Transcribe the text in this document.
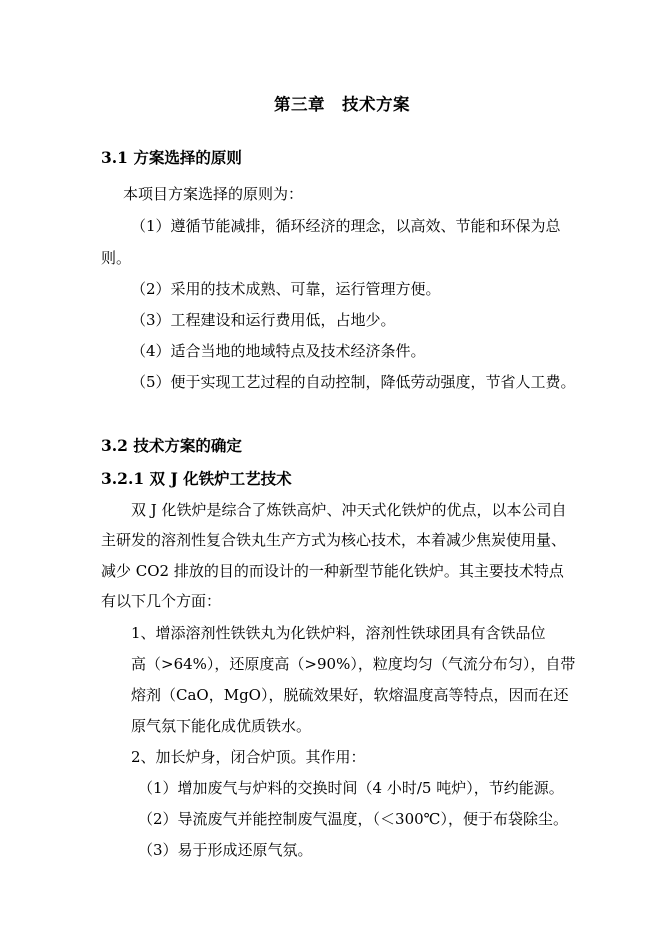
第三章　技术方案
3.1 方案选择的原则
本项目方案选择的原则为：
（1）遵循节能减排，循环经济的理念，以高效、节能和环保为总
则。
（2）采用的技术成熟、可靠，运行管理方便。
（3）工程建设和运行费用低，占地少。
（4）适合当地的地域特点及技术经济条件。
（5）便于实现工艺过程的自动控制，降低劳动强度，节省人工费。
3.2 技术方案的确定
3.2.1 双 J 化铁炉工艺技术
双 J 化铁炉是综合了炼铁高炉、冲天式化铁炉的优点，以本公司自
主研发的溶剂性复合铁丸生产方式为核心技术，本着减少焦炭使用量、
减少 CO2 排放的目的而设计的一种新型节能化铁炉。其主要技术特点
有以下几个方面：
1、增添溶剂性铁铁丸为化铁炉料，溶剂性铁球团具有含铁品位
高（>64%），还原度高（>90%），粒度均匀（气流分布匀），自带
熔剂（CaO，MgO），脱硫效果好，软熔温度高等特点，因而在还
原气氛下能化成优质铁水。
2、加长炉身，闭合炉顶。其作用：
（1）增加废气与炉料的交换时间（4 小时/5 吨炉），节约能源。
（2）导流废气并能控制废气温度，（＜300℃），便于布袋除尘。
（3）易于形成还原气氛。
